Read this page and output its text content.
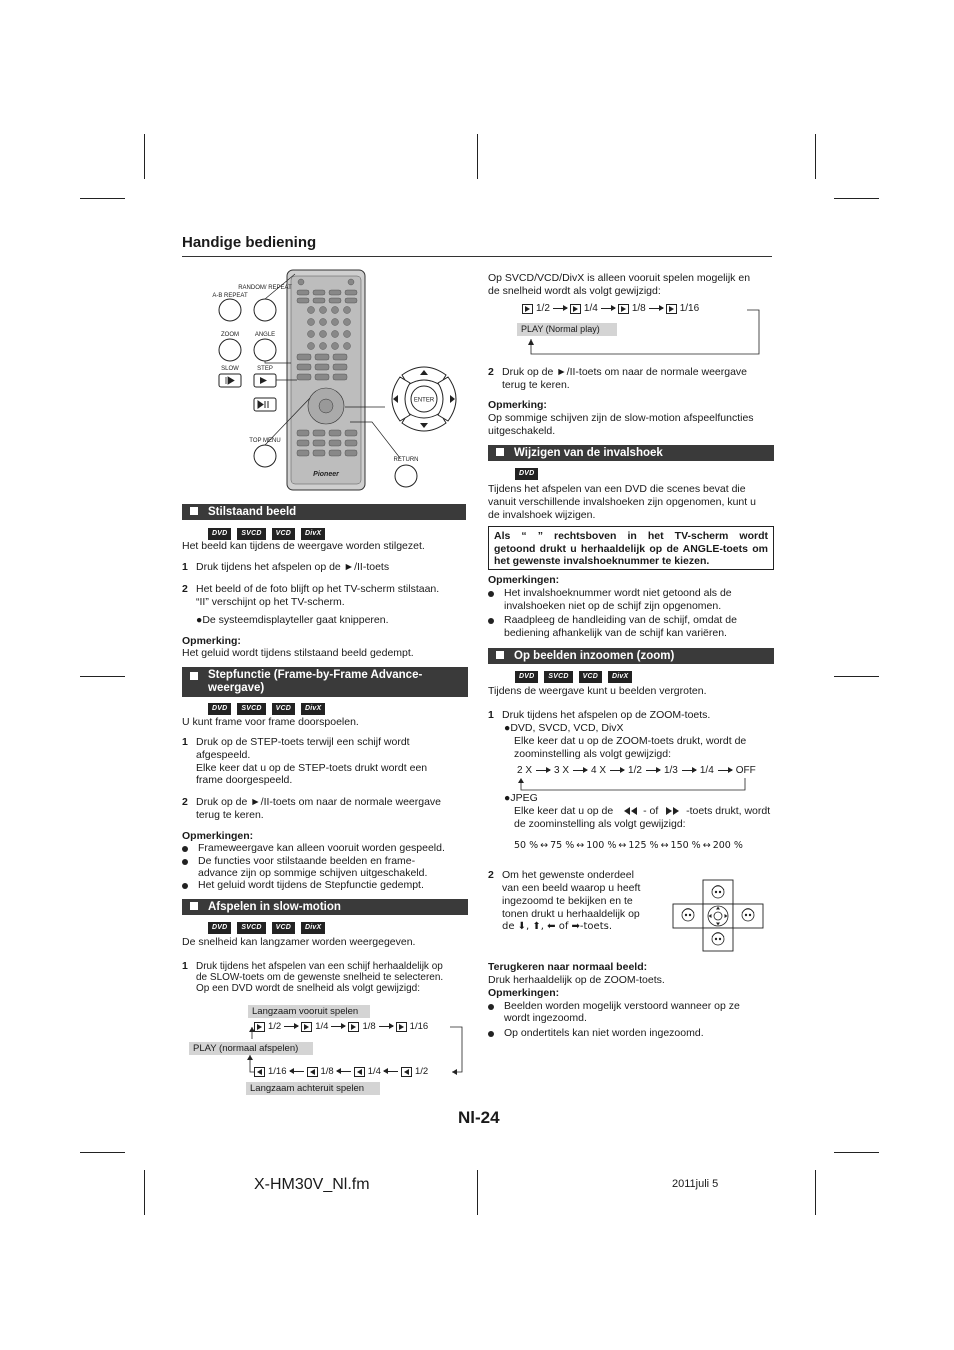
Handige bediening
Pioneer
A-B REPEAT
RANDOM/ REPEAT
ZOOM	ANGLE
SLOW	STEP
TOP MENU
RETURN
ENTER
Stilstaand beeld
DVD	SVCD	VCD	DivX
Het beeld kan tijdens de weergave worden stilgezet.
1 Druk tijdens het afspelen op de ►/II-toets
2 Het beeld of de foto blijft op het TV-scherm stilstaan.
“II” verschijnt op het TV-scherm.
●De systeemdisplayteller gaat knipperen.
Opmerking:
Het geluid wordt tijdens stilstaand beeld gedempt.
Stepfunctie (Frame-by-Frame Advance-weergave)
DVD	SVCD	VCD	DivX
U kunt frame voor frame doorspoelen.
1 Druk op de STEP-toets terwijl een schijf wordt
afgespeeld.
Elke keer dat u op de STEP-toets drukt wordt een
frame doorgespeeld.
2 Druk op de ►/II-toets om naar de normale weergave
terug te keren.
Opmerkingen:
Frameweergave kan alleen vooruit worden gespeeld.
De functies voor stilstaande beelden en frame-
advance zijn op sommige schijven uitgeschakeld.
Het geluid wordt tijdens de Stepfunctie gedempt.
Afspelen in slow-motion
DVD	SVCD	VCD	DivX
De snelheid kan langzamer worden weergegeven.
1 Druk tijdens het afspelen van een schijf herhaaldelijk op
de SLOW-toets om de gewenste snelheid te selecteren.
Op een DVD wordt de snelheid als volgt gewijzigd:
Langzaam vooruit spelen
1/2	1/4	1/8	1/16
PLAY (normaal afspelen)
1/16	1/8	1/4	1/2
Langzaam achteruit spelen
Op SVCD/VCD/DivX is alleen vooruit spelen mogelijk en
de snelheid wordt als volgt gewijzigd:
1/2	1/4	1/8	1/16
PLAY (Normal play)
2 Druk op de ►/II-toets om naar de normale weergave
terug te keren.
Opmerking:
Op sommige schijven zijn de slow-motion afspeelfuncties
uitgeschakeld.
Wijzigen van de invalshoek
DVD
Tijdens het afspelen van een DVD die scenes bevat die
vanuit verschillende invalshoeken zijn opgenomen, kunt u
de invalshoek wijzigen.
Als “ ” rechtsboven in het TV-scherm wordt
getoond drukt u herhaaldelijk op de ANGLE-toets om
het gewenste invalshoeknummer te kiezen.
Opmerkingen:
Het invalshoeknummer wordt niet getoond als de
invalshoeken niet op de schijf zijn opgenomen.
Raadpleeg de handleiding van de schijf, omdat de
bediening afhankelijk van de schijf kan variëren.
Op beelden inzoomen (zoom)
DVD	SVCD	VCD	DivX
Tijdens de weergave kunt u beelden vergroten.
1 Druk tijdens het afspelen op de ZOOM-toets.
●DVD, SVCD, VCD, DivX
Elke keer dat u op de ZOOM-toets drukt, wordt de
zoominstelling als volgt gewijzigd:
2 X 3 X 4 X 1/2 1/3 1/4 OFF
●JPEG
Elke keer dat u op de	- of	-toets drukt, wordt
de zoominstelling als volgt gewijzigd:
50 % ↔ 75 % ↔ 100 % ↔ 125 % ↔ 150 % ↔ 200 %
2 Om het gewenste onderdeel
van een beeld waarop u heeft
ingezoomd te bekijken en te
tonen drukt u herhaaldelijk op
de ⬇, ⬆, ⬅ of ➡-toets.
Terugkeren naar normaal beeld:
Druk herhaaldelijk op de ZOOM-toets.
Opmerkingen:
Beelden worden mogelijk verstoord wanneer op ze
wordt ingezoomd.
Op ondertitels kan niet worden ingezoomd.
Nl-24
X-HM30V_Nl.fm	2011juli 5
